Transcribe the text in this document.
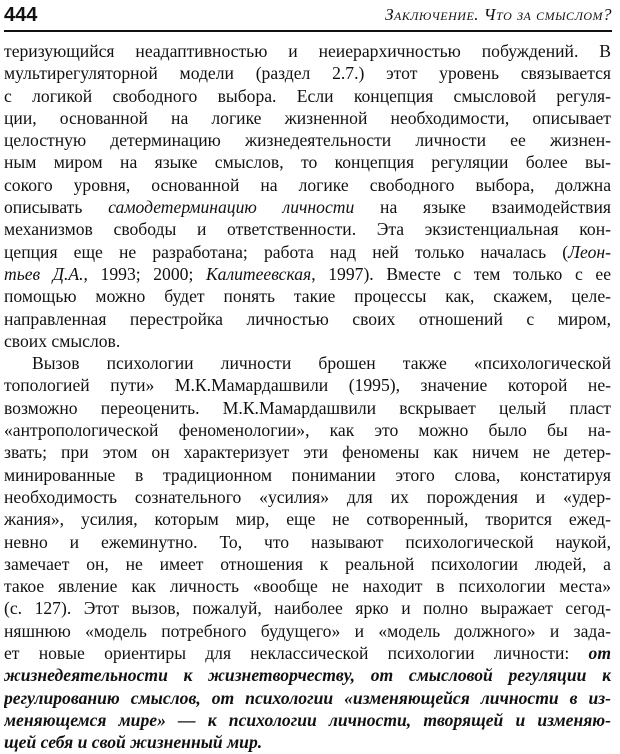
444	Заключение. Что за смыслом?
теризующийся неадаптивностью и неиерархичностью побуждений. В
мультирегуляторной модели (раздел 2.7.) этот уровень связывается
с логикой свободного выбора. Если концепция смысловой регуля-
ции, основанной на логике жизненной необходимости, описывает
целостную детерминацию жизнедеятельности личности ее жизнен-
ным миром на языке смыслов, то концепция регуляции более вы-
сокого уровня, основанной на логике свободного выбора, должна
описывать самодетерминацию личности на языке взаимодействия
механизмов свободы и ответственности. Эта экзистенциальная кон-
цепция еще не разработана; работа над ней только началась (Леон-
тьев Д.А., 1993; 2000; Калитеевская, 1997). Вместе с тем только с ее
помощью можно будет понять такие процессы как, скажем, целе-
направленная перестройка личностью своих отношений с миром,
своих смыслов.
Вызов психологии личности брошен также «психологической
топологией пути» М.К.Мамардашвили (1995), значение которой не-
возможно переоценить. М.К.Мамардашвили вскрывает целый пласт
«антропологической феноменологии», как это можно было бы на-
звать; при этом он характеризует эти феномены как ничем не детер-
минированные в традиционном понимании этого слова, констатируя
необходимость сознательного «усилия» для их порождения и «удер-
жания», усилия, которым мир, еще не сотворенный, творится ежед-
невно и ежеминутно. То, что называют психологической наукой,
замечает он, не имеет отношения к реальной психологии людей, а
такое явление как личность «вообще не находит в психологии места»
(с. 127). Этот вызов, пожалуй, наиболее ярко и полно выражает сегод-
няшнюю «модель потребного будущего» и «модель должного» и зада-
ет новые ориентиры для неклассической психологии личности: от
жизнедеятельности к жизнетворчеству, от смысловой регуляции к
регулированию смыслов, от психологии «изменяющейся личности в из-
меняющемся мире» — к психологии личности, творящей и изменяю-
щей себя и свой жизненный мир.
